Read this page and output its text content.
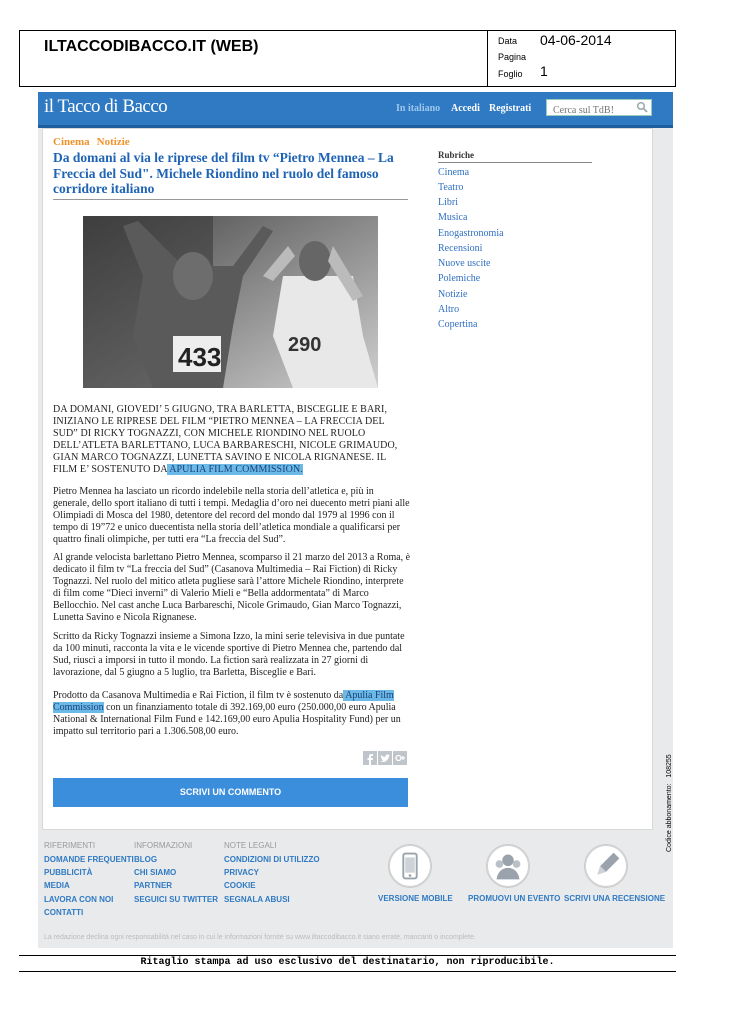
ILTACCODIBACCO.IT (WEB)	Data 04-06-2014
Pagina
Foglio 1
il Tacco di Bacco	In italiano Accedi Registrati
Cerca sul TdB!
Cinema Notizie
Da domani al via le riprese del film tv “Pietro Mennea – La Freccia del Sud". Michele Riondino nel ruolo del famoso corridore italiano
433	290

DA DOMANI, GIOVEDI’ 5 GIUGNO, TRA BARLETTA, BISCEGLIE E BARI, INIZIANO LE RIPRESE DEL FILM “PIETRO MENNEA – LA FRECCIA DEL SUD” DI RICKY TOGNAZZI, CON MICHELE RIONDINO NEL RUOLO DELL’ATLETA BARLETTANO, LUCA BARBARESCHI, NICOLE GRIMAUDO, GIAN MARCO TOGNAZZI, LUNETTA SAVINO E NICOLA RIGNANESE. IL FILM E’ SOSTENUTO DA APULIA FILM COMMISSION.

Pietro Mennea ha lasciato un ricordo indelebile nella storia dell’atletica e, più in generale, dello sport italiano di tutti i tempi. Medaglia d’oro nei duecento metri piani alle Olimpiadi di Mosca del 1980, detentore del record del mondo dal 1979 al 1996 con il tempo di 19”72 e unico duecentista nella storia dell’atletica mondiale a qualificarsi per quattro finali olimpiche, per tutti era “La freccia del Sud”.
Al grande velocista barlettano Pietro Mennea, scomparso il 21 marzo del 2013 a Roma, è dedicato il film tv “La freccia del Sud” (Casanova Multimedia – Rai Fiction) di Ricky Tognazzi. Nel ruolo del mitico atleta pugliese sarà l’attore Michele Riondino, interprete di film come “Dieci inverni” di Valerio Mieli e “Bella addormentata” di Marco Bellocchio. Nel cast anche Luca Barbareschi, Nicole Grimaudo, Gian Marco Tognazzi, Lunetta Savino e Nicola Rignanese.
Scritto da Ricky Tognazzi insieme a Simona Izzo, la mini serie televisiva in due puntate da 100 minuti, racconta la vita e le vicende sportive di Pietro Mennea che, partendo dal Sud, riuscì a imporsi in tutto il mondo. La fiction sarà realizzata in 27 giorni di lavorazione, dal 5 giugno a 5 luglio, tra Barletta, Bisceglie e Bari.

Prodotto da Casanova Multimedia e Rai Fiction, il film tv è sostenuto da Apulia Film Commission con un finanziamento totale di 392.169,00 euro (250.000,00 euro Apulia National & International Film Fund e 142.169,00 euro Apulia Hospitality Fund) per un impatto sul territorio pari a 1.306.508,00 euro.

SCRIVI UN COMMENTO
Rubriche
Cinema
Teatro
Libri
Musica
Enogastronomia
Recensioni
Nuove uscite
Polemiche
Notizie
Altro
Copertina
RIFERIMENTI
DOMANDE FREQUENTI
PUBBLICITÀ
MEDIA
LAVORA CON NOI
CONTATTI
INFORMAZIONI
BLOG
CHI SIAMO
PARTNER
SEGUICI SU TWITTER
NOTE LEGALI
CONDIZIONI DI UTILIZZO
PRIVACY
COOKIE
SEGNALA ABUSI	VERSIONE MOBILE PROMUOVI UN EVENTO SCRIVI UNA RECENSIONE
La redazione declina ogni responsabilità nel caso in cui le informazioni fornite su www.iltaccodibacco.it siano errate, mancanti o incomplete.
Ritaglio stampa ad uso esclusivo del destinatario, non riproducibile.
Codice abbonamento:   108255
